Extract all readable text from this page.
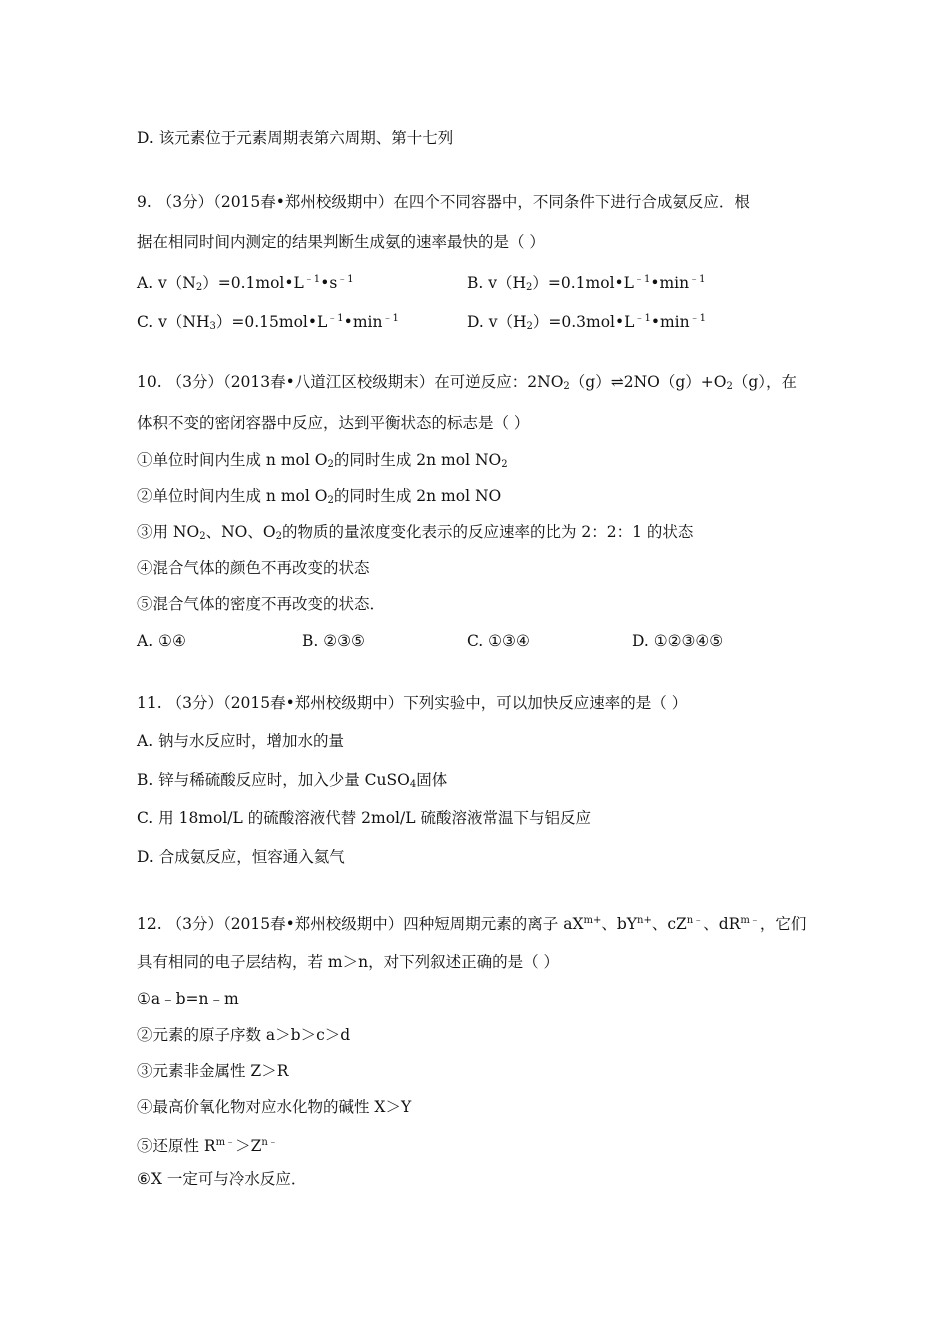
D. 该元素位于元素周期表第六周期、第十七列
9. （3分）（2015春•郑州校级期中）在四个不同容器中，不同条件下进行合成氨反应．根
据在相同时间内测定的结果判断生成氨的速率最快的是（ ）
A. $v(N_2)=0.1mol•L^{﹣1}•s^{﹣1}$	B. $v(H_2)=0.1mol•L^{﹣1}•\min^{﹣1}$
C. $v(NH_3)=0.15mol•L^{﹣1}•\min^{﹣1}$	D. $v(H_2)=0.3mol•L^{﹣1}•\min^{﹣1}$
10. （3分）（2013春•八道江区校级期末）在可逆反应：$2NO_2(g)\rightleftharpoons 2NO(g)+O_2(g)$，在
体积不变的密闭容器中反应，达到平衡状态的标志是（ ）
①单位时间内生成 n mol $O_2$的同时生成 2n mol $NO_2$
②单位时间内生成 n mol $O_2$的同时生成 2n mol NO
③用 $NO_2$、NO、$O_2$的物质的量浓度变化表示的反应速率的比为 2：2：1 的状态
④混合气体的颜色不再改变的状态
⑤混合气体的密度不再改变的状态．
A. ①④	B. ②③⑤	C. ①③④	D. ①②③④⑤
11. （3分）（2015春•郑州校级期中）下列实验中，可以加快反应速率的是（ ）
A. 钠与水反应时，增加水的量
B. 锌与稀硫酸反应时，加入少量 CuSO$_4$固体
C. 用 18mol/L 的硫酸溶液代替 2mol/L 硫酸溶液常温下与铝反应
D. 合成氨反应，恒容通入氦气
12. （3分）（2015春•郑州校级期中）四种短周期元素的离子 $aX^{m+}$、$bY^{n+}$、$cZ^{n﹣}$、$dR^{m﹣}$，它们
具有相同的电子层结构，若 m＞n，对下列叙述正确的是（ ）
①a﹣b=n﹣m
②元素的原子序数 a＞b＞c＞d
③元素非金属性 Z＞R
④最高价氧化物对应水化物的碱性 X＞Y
⑤还原性 $R^{m﹣}>Z^{n﹣}$
⑥X 一定可与冷水反应．
